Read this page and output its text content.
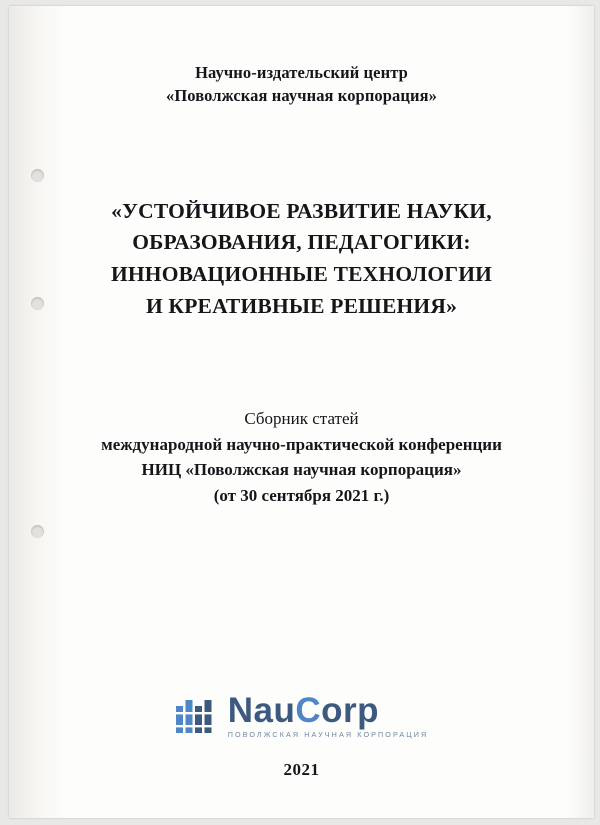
Научно-издательский центр
«Поволжская научная корпорация»
«УСТОЙЧИВОЕ РАЗВИТИЕ НАУКИ,
ОБРАЗОВАНИЯ, ПЕДАГОГИКИ:
ИННОВАЦИОННЫЕ ТЕХНОЛОГИИ
И КРЕАТИВНЫЕ РЕШЕНИЯ»
Сборник статей
международной научно-практической конференции
НИЦ «Поволжская научная корпорация»
(от 30 сентября 2021 г.)
NauCorp
ПОВОЛЖСКАЯ НАУЧНАЯ КОРПОРАЦИЯ
2021
